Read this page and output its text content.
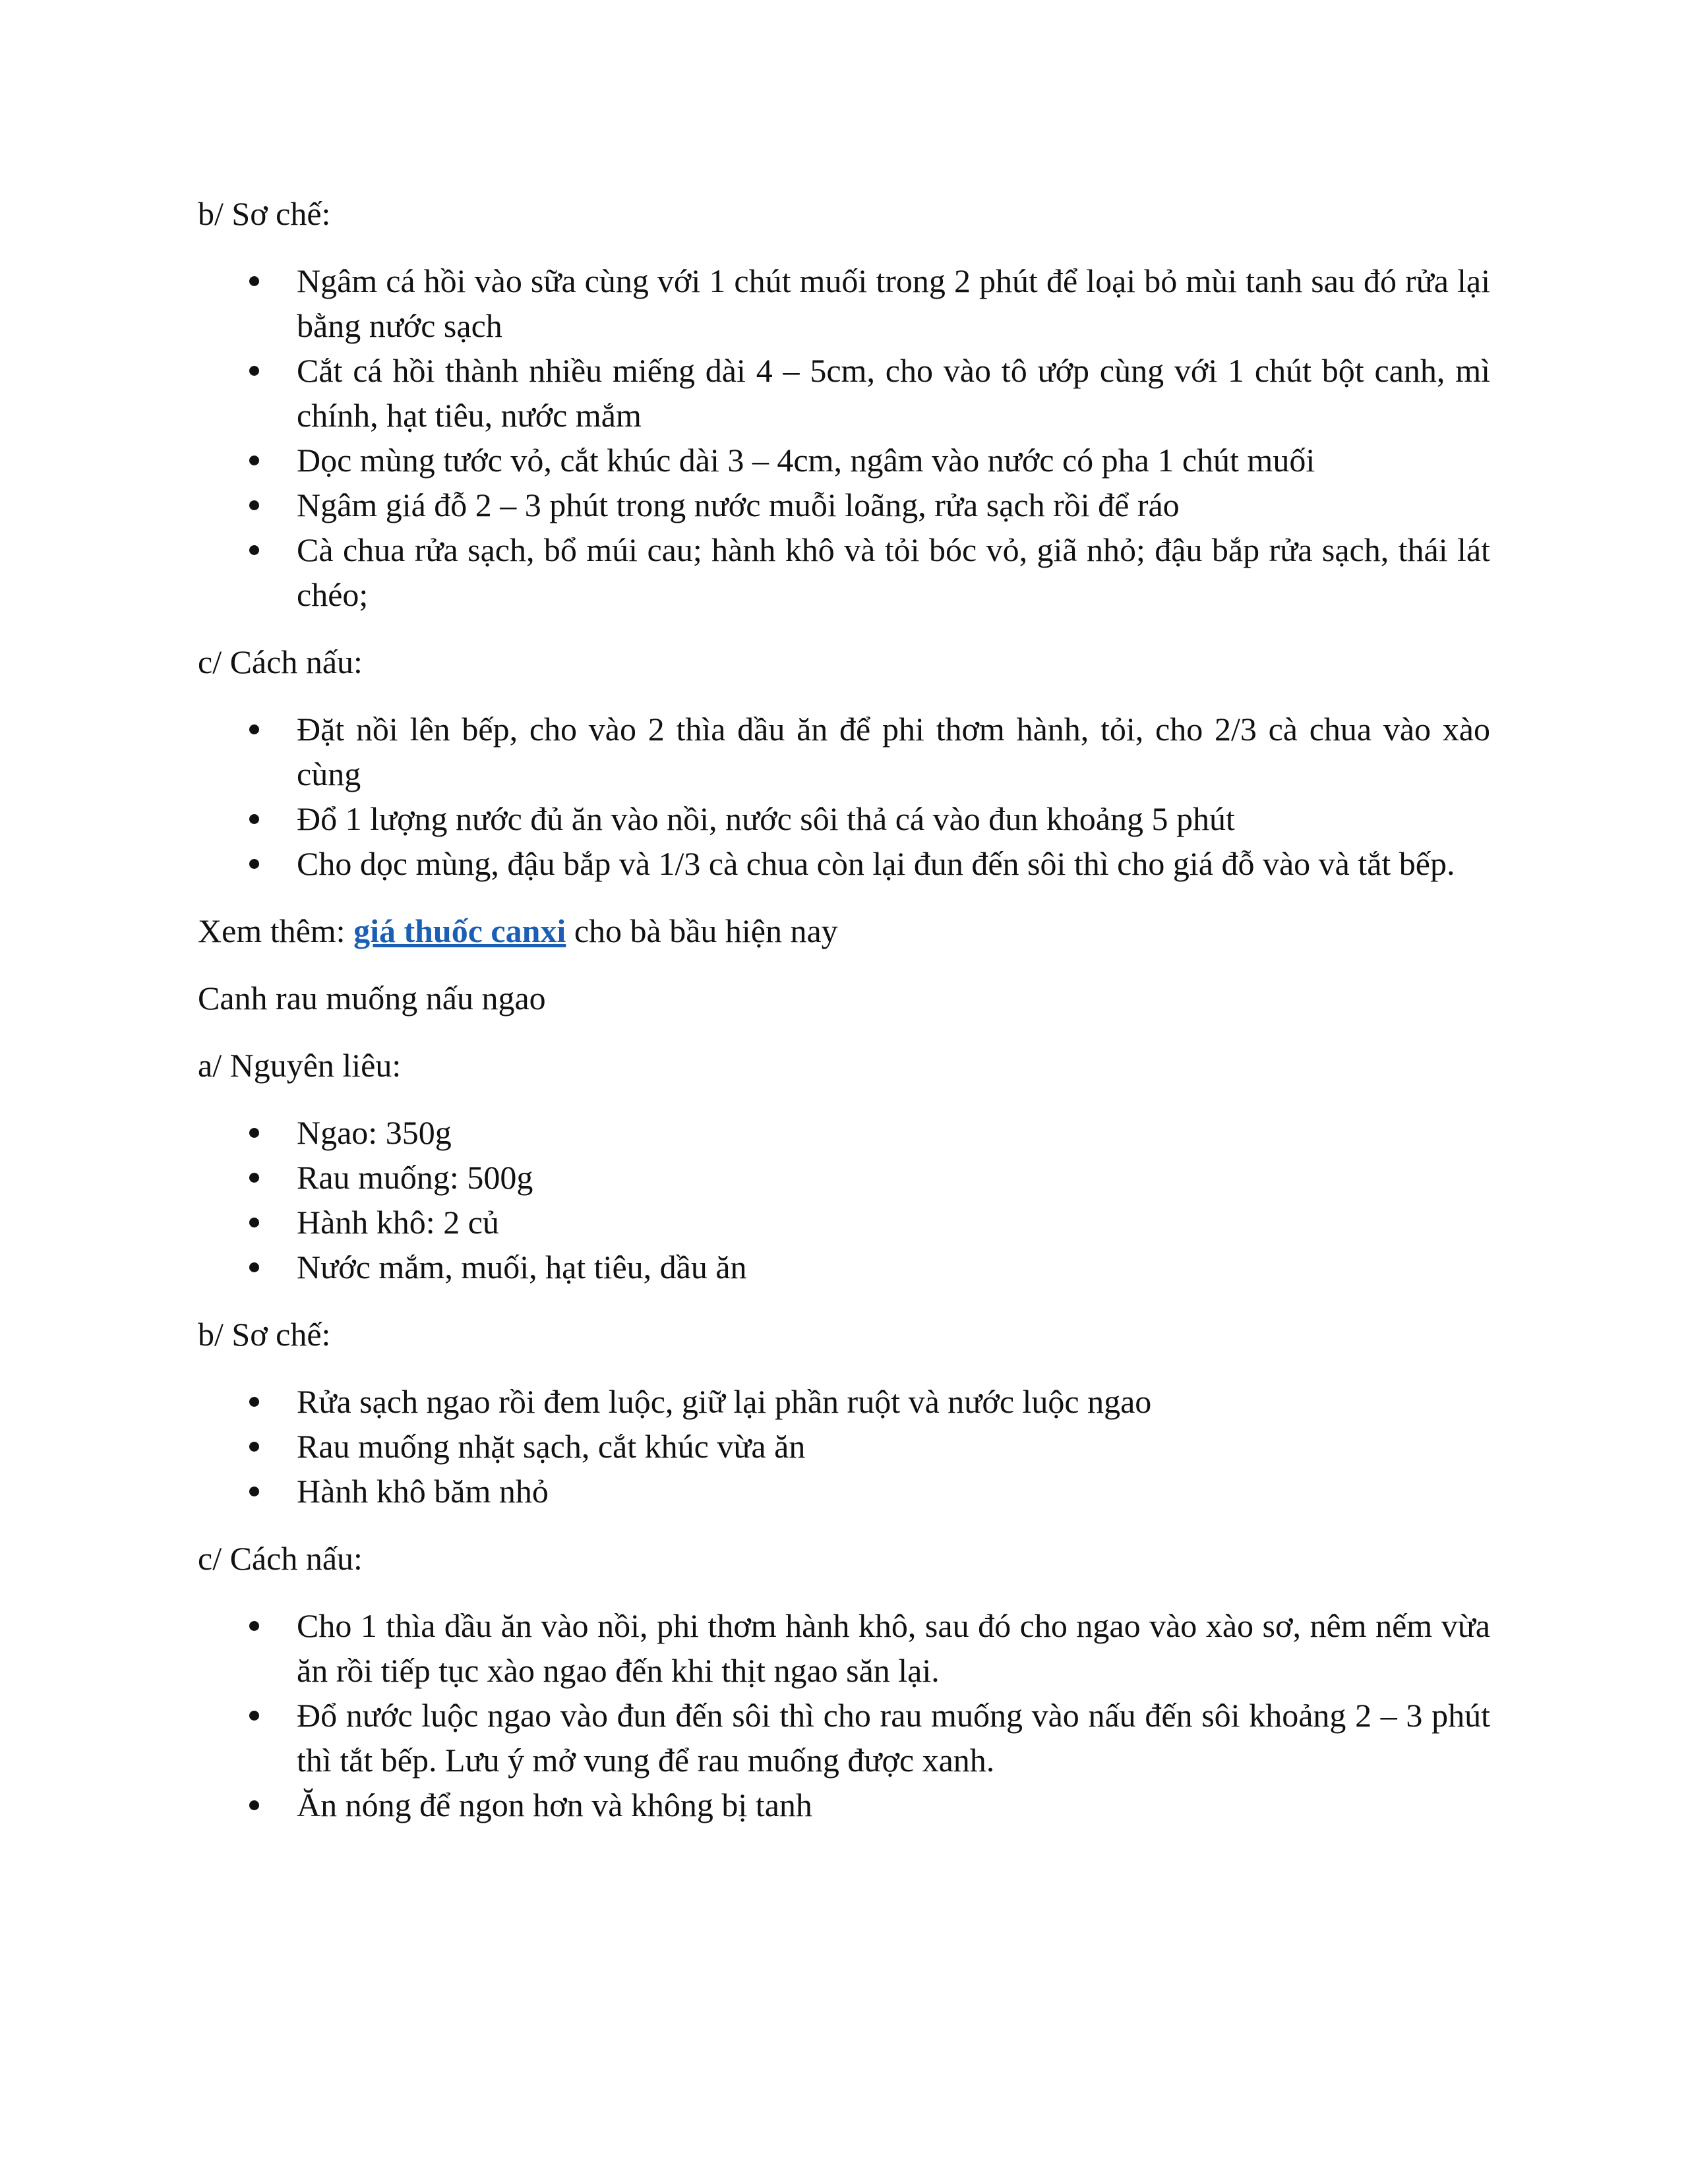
b/ Sơ chế:

Ngâm cá hồi vào sữa cùng với 1 chút muối trong 2 phút để loại bỏ mùi tanh sau đó rửa lại bằng nước sạch
Cắt cá hồi thành nhiều miếng dài 4 – 5cm, cho vào tô ướp cùng với 1 chút bột canh, mì chính, hạt tiêu, nước mắm
Dọc mùng tước vỏ, cắt khúc dài 3 – 4cm, ngâm vào nước có pha 1 chút muối
Ngâm giá đỗ 2 – 3 phút trong nước muỗi loãng, rửa sạch rồi để ráo
Cà chua rửa sạch, bổ múi cau; hành khô và tỏi bóc vỏ, giã nhỏ; đậu bắp rửa sạch, thái lát chéo;

c/ Cách nấu:

Đặt nồi lên bếp, cho vào 2 thìa dầu ăn để phi thơm hành, tỏi, cho 2/3 cà chua vào xào cùng
Đổ 1 lượng nước đủ ăn vào nồi, nước sôi thả cá vào đun khoảng 5 phút
Cho dọc mùng, đậu bắp và 1/3 cà chua còn lại đun đến sôi thì cho giá đỗ vào và tắt bếp.

Xem thêm: giá thuốc canxi cho bà bầu hiện nay

Canh rau muống nấu ngao

a/ Nguyên liêu:

Ngao: 350g
Rau muống: 500g
Hành khô: 2 củ
Nước mắm, muối, hạt tiêu, dầu ăn

b/ Sơ chế:

Rửa sạch ngao rồi đem luộc, giữ lại phần ruột và nước luộc ngao
Rau muống nhặt sạch, cắt khúc vừa ăn
Hành khô băm nhỏ

c/ Cách nấu:

Cho 1 thìa dầu ăn vào nồi, phi thơm hành khô, sau đó cho ngao vào xào sơ, nêm nếm vừa ăn rồi tiếp tục xào ngao đến khi thịt ngao săn lại.
Đổ nước luộc ngao vào đun đến sôi thì cho rau muống vào nấu đến sôi khoảng 2 – 3 phút thì tắt bếp. Lưu ý mở vung để rau muống được xanh.
Ăn nóng để ngon hơn và không bị tanh
